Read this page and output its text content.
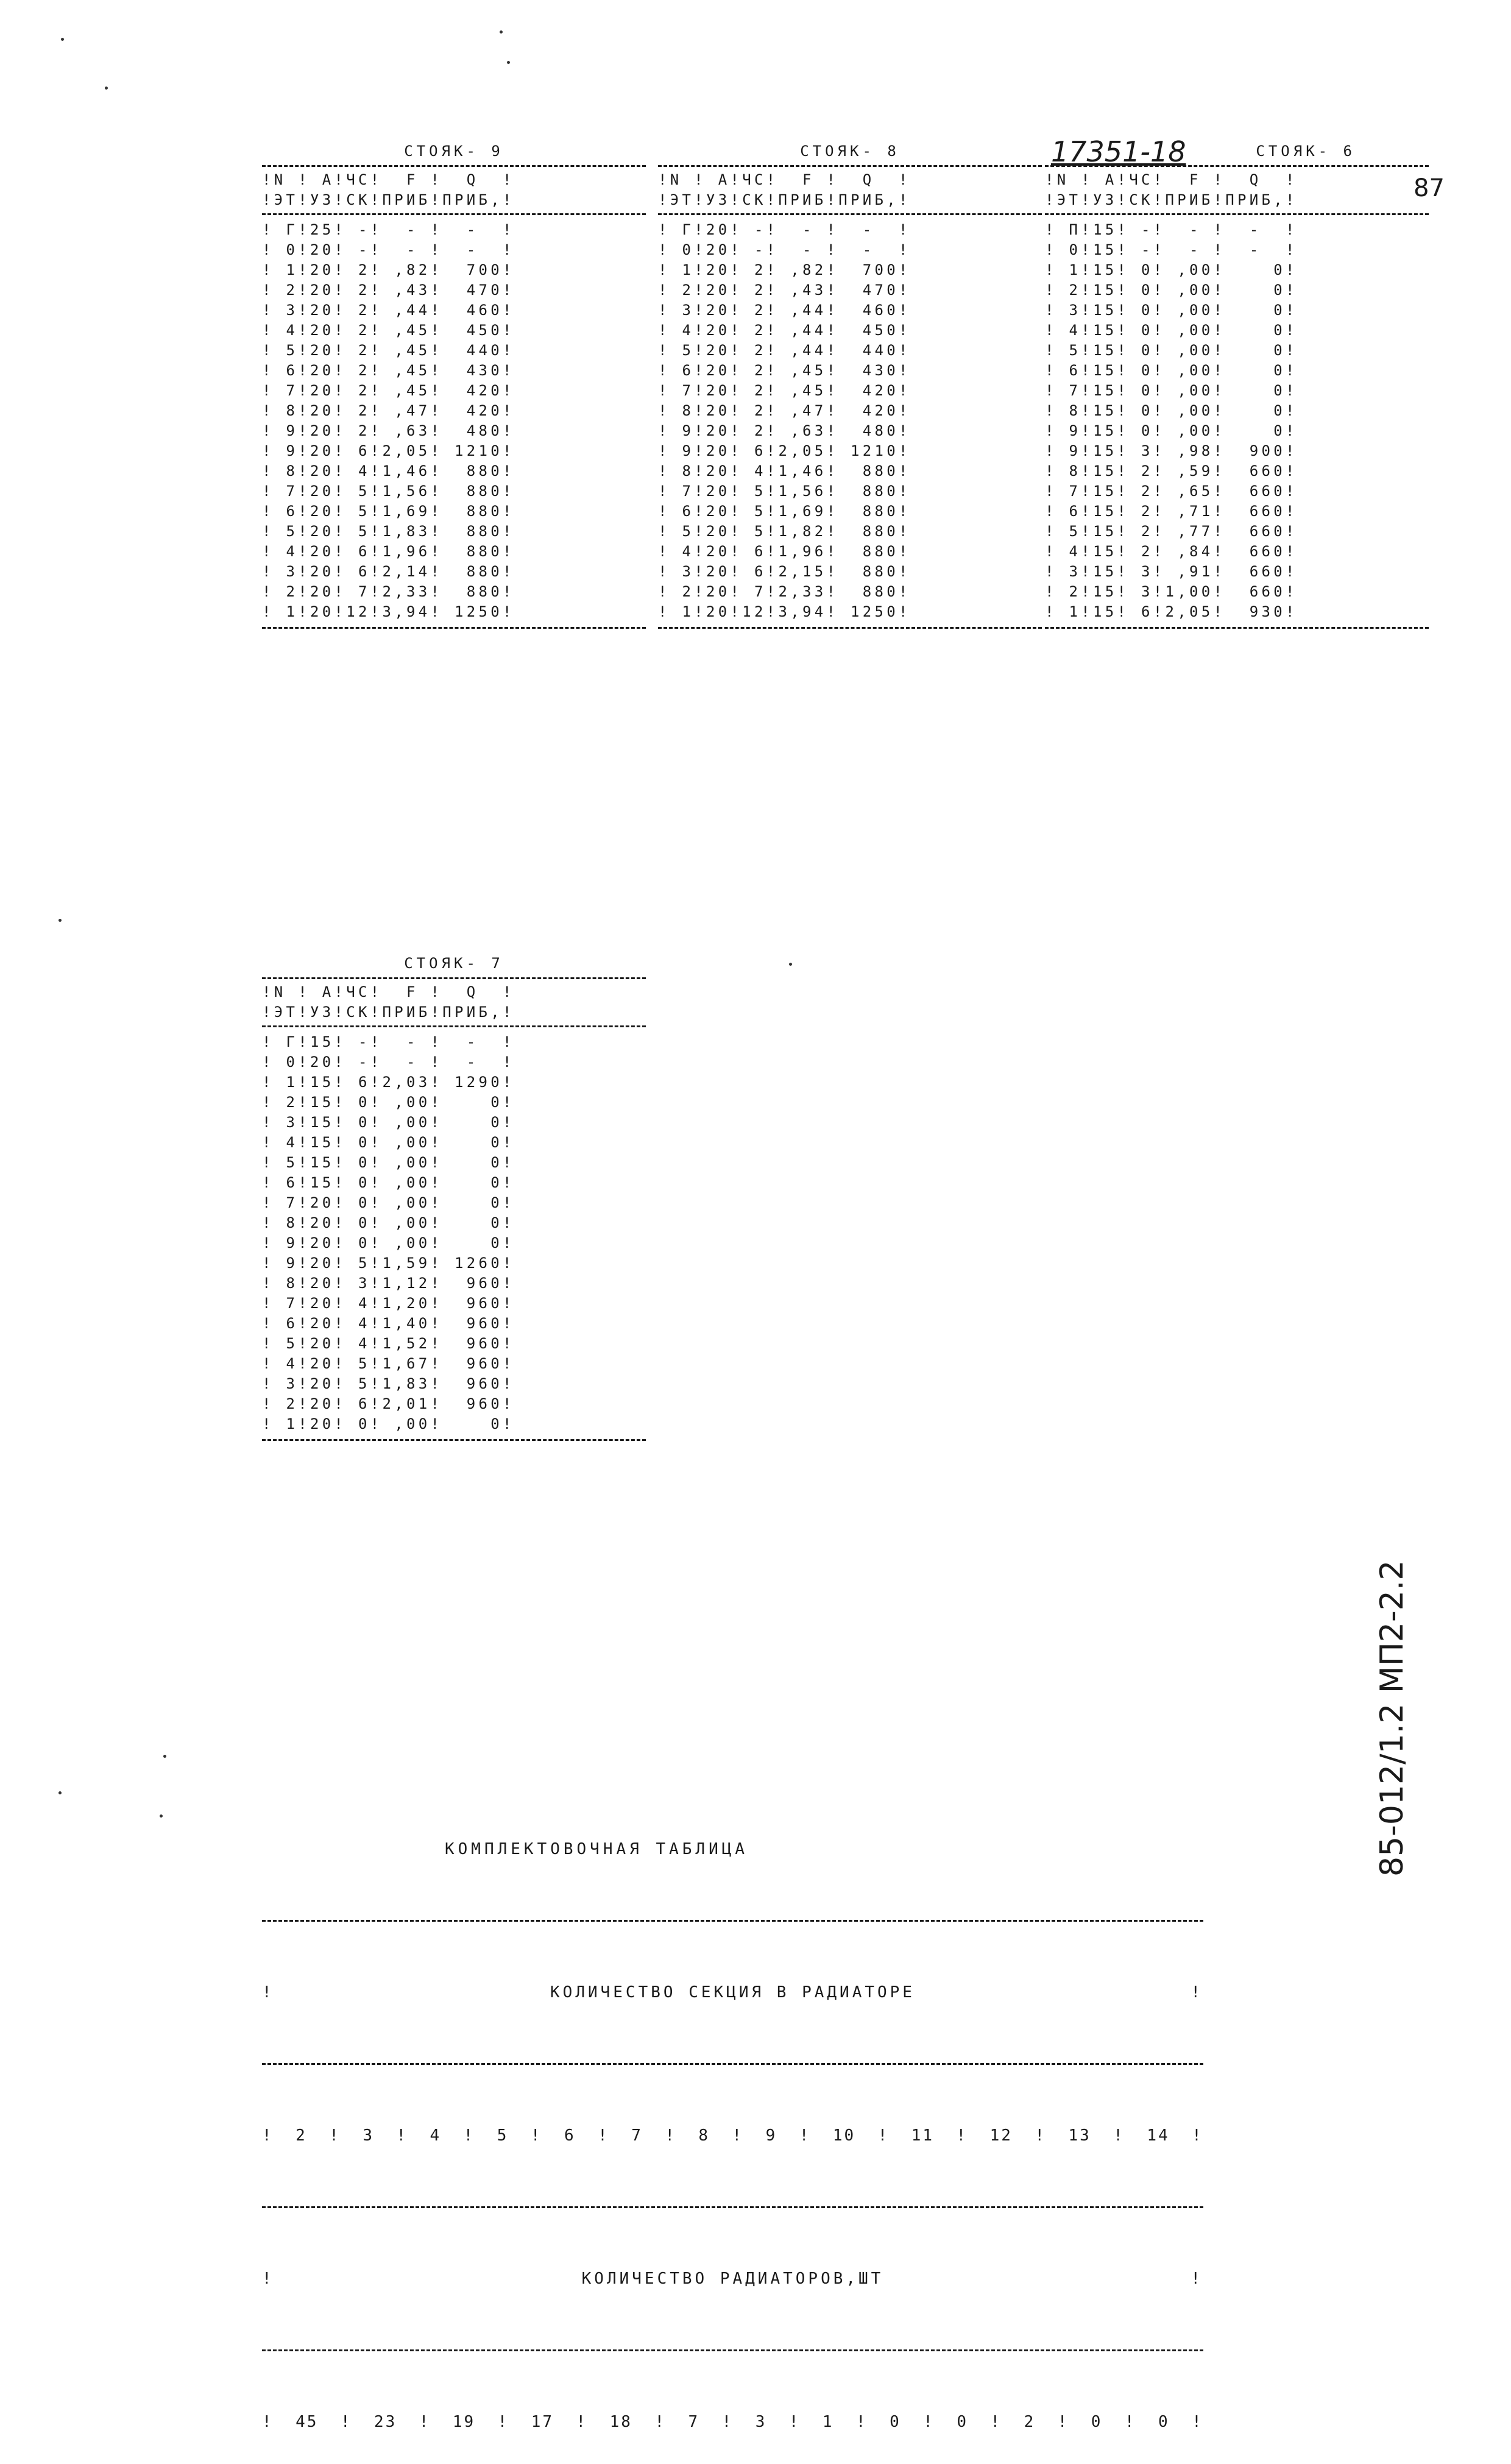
17351-18
87
СТОЯК- 9
!N ! А!ЧС!  F !  Q  !
!ЭТ!УЗ!СК!ПРИБ!ПРИБ,!
! Г!25! -!  - !  -  !
! 0!20! -!  - !  -  !
! 1!20! 2! ,82!  700!
! 2!20! 2! ,43!  470!
! 3!20! 2! ,44!  460!
! 4!20! 2! ,45!  450!
! 5!20! 2! ,45!  440!
! 6!20! 2! ,45!  430!
! 7!20! 2! ,45!  420!
! 8!20! 2! ,47!  420!
! 9!20! 2! ,63!  480!
! 9!20! 6!2,05! 1210!
! 8!20! 4!1,46!  880!
! 7!20! 5!1,56!  880!
! 6!20! 5!1,69!  880!
! 5!20! 5!1,83!  880!
! 4!20! 6!1,96!  880!
! 3!20! 6!2,14!  880!
! 2!20! 7!2,33!  880!
! 1!20!12!3,94! 1250!
СТОЯК- 8
!N ! А!ЧС!  F !  Q  !
!ЭТ!УЗ!СК!ПРИБ!ПРИБ,!
! Г!20! -!  - !  -  !
! 0!20! -!  - !  -  !
! 1!20! 2! ,82!  700!
! 2!20! 2! ,43!  470!
! 3!20! 2! ,44!  460!
! 4!20! 2! ,44!  450!
! 5!20! 2! ,44!  440!
! 6!20! 2! ,45!  430!
! 7!20! 2! ,45!  420!
! 8!20! 2! ,47!  420!
! 9!20! 2! ,63!  480!
! 9!20! 6!2,05! 1210!
! 8!20! 4!1,46!  880!
! 7!20! 5!1,56!  880!
! 6!20! 5!1,69!  880!
! 5!20! 5!1,82!  880!
! 4!20! 6!1,96!  880!
! 3!20! 6!2,15!  880!
! 2!20! 7!2,33!  880!
! 1!20!12!3,94! 1250!
СТОЯК- 6
!N ! А!ЧС!  F !  Q  !
!ЭТ!УЗ!СК!ПРИБ!ПРИБ,!
! П!15! -!  - !  -  !
! 0!15! -!  - !  -  !
! 1!15! 0! ,00!    0!
! 2!15! 0! ,00!    0!
! 3!15! 0! ,00!    0!
! 4!15! 0! ,00!    0!
! 5!15! 0! ,00!    0!
! 6!15! 0! ,00!    0!
! 7!15! 0! ,00!    0!
! 8!15! 0! ,00!    0!
! 9!15! 0! ,00!    0!
! 9!15! 3! ,98!  900!
! 8!15! 2! ,59!  660!
! 7!15! 2! ,65!  660!
! 6!15! 2! ,71!  660!
! 5!15! 2! ,77!  660!
! 4!15! 2! ,84!  660!
! 3!15! 3! ,91!  660!
! 2!15! 3!1,00!  660!
! 1!15! 6!2,05!  930!
СТОЯК- 7
!N ! А!ЧС!  F !  Q  !
!ЭТ!УЗ!СК!ПРИБ!ПРИБ,!
! Г!15! -!  - !  -  !
! 0!20! -!  - !  -  !
! 1!15! 6!2,03! 1290!
! 2!15! 0! ,00!    0!
! 3!15! 0! ,00!    0!
! 4!15! 0! ,00!    0!
! 5!15! 0! ,00!    0!
! 6!15! 0! ,00!    0!
! 7!20! 0! ,00!    0!
! 8!20! 0! ,00!    0!
! 9!20! 0! ,00!    0!
! 9!20! 5!1,59! 1260!
! 8!20! 3!1,12!  960!
! 7!20! 4!1,20!  960!
! 6!20! 4!1,40!  960!
! 5!20! 4!1,52!  960!
! 4!20! 5!1,67!  960!
! 3!20! 5!1,83!  960!
! 2!20! 6!2,01!  960!
! 1!20! 0! ,00!    0!
85-012/1.2 МП2-2.2

КОМПЛЕКТОВОЧНАЯ ТАБЛИЦА

!	КОЛИЧЕСТВО СЕКЦИЯ В РАДИАТОРЕ	!

! 2 ! 3 ! 4 ! 5 ! 6 ! 7 ! 8 ! 9 ! 10 ! 11 ! 12 ! 13 ! 14 !

!	КОЛИЧЕСТВО РАДИАТОРОВ,ШТ	!

! 45 ! 23 ! 19 ! 17 ! 18 ! 7 ! 3 ! 1 ! 0 ! 0 ! 2 ! 0 ! 0 !
